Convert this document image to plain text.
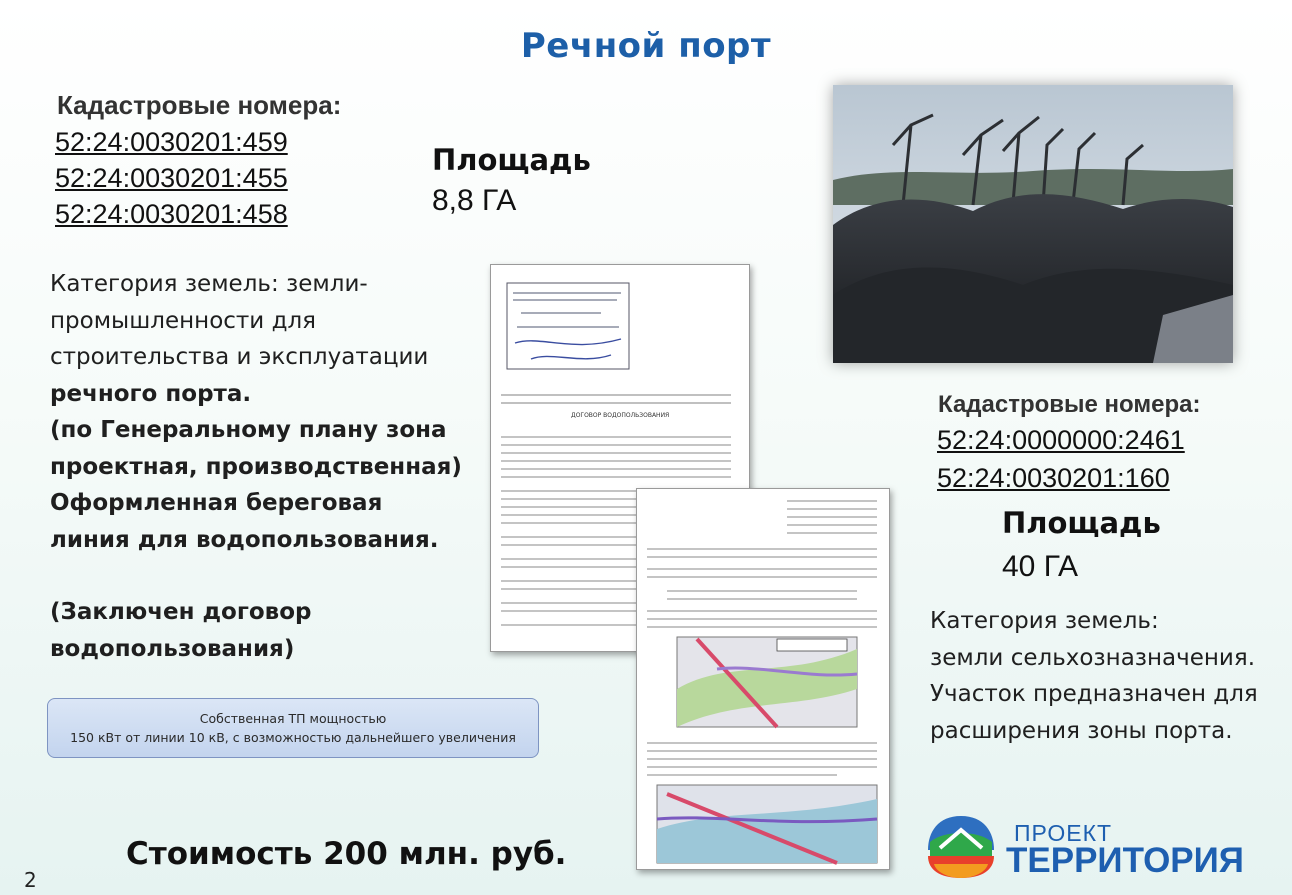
Речной порт
Кадастровые номера:
52:24:0030201:459
52:24:0030201:455
52:24:0030201:458
Площадь
8,8 ГА
Категория земель: земли-
промышленности для
строительства и эксплуатации
речного порта.
(по Генеральному плану зона
проектная, производственная)
Оформленная береговая
линия для водопользования.
(Заключен договор
водопользования)
Собственная ТП мощностью
150 кВт от линии 10 кВ, с возможностью дальнейшего увеличения
Стоимость 200 млн. руб.
2
ДОГОВОР ВОДОПОЛЬЗОВАНИЯ	Кадастровые номера:
52:24:0000000:2461
52:24:0030201:160
Площадь
40 ГА
Категория земель:
земли сельхозназначения.
Участок предназначен для
расширения зоны порта.
ПРОЕКТ
ТЕРРИТОРИЯ
